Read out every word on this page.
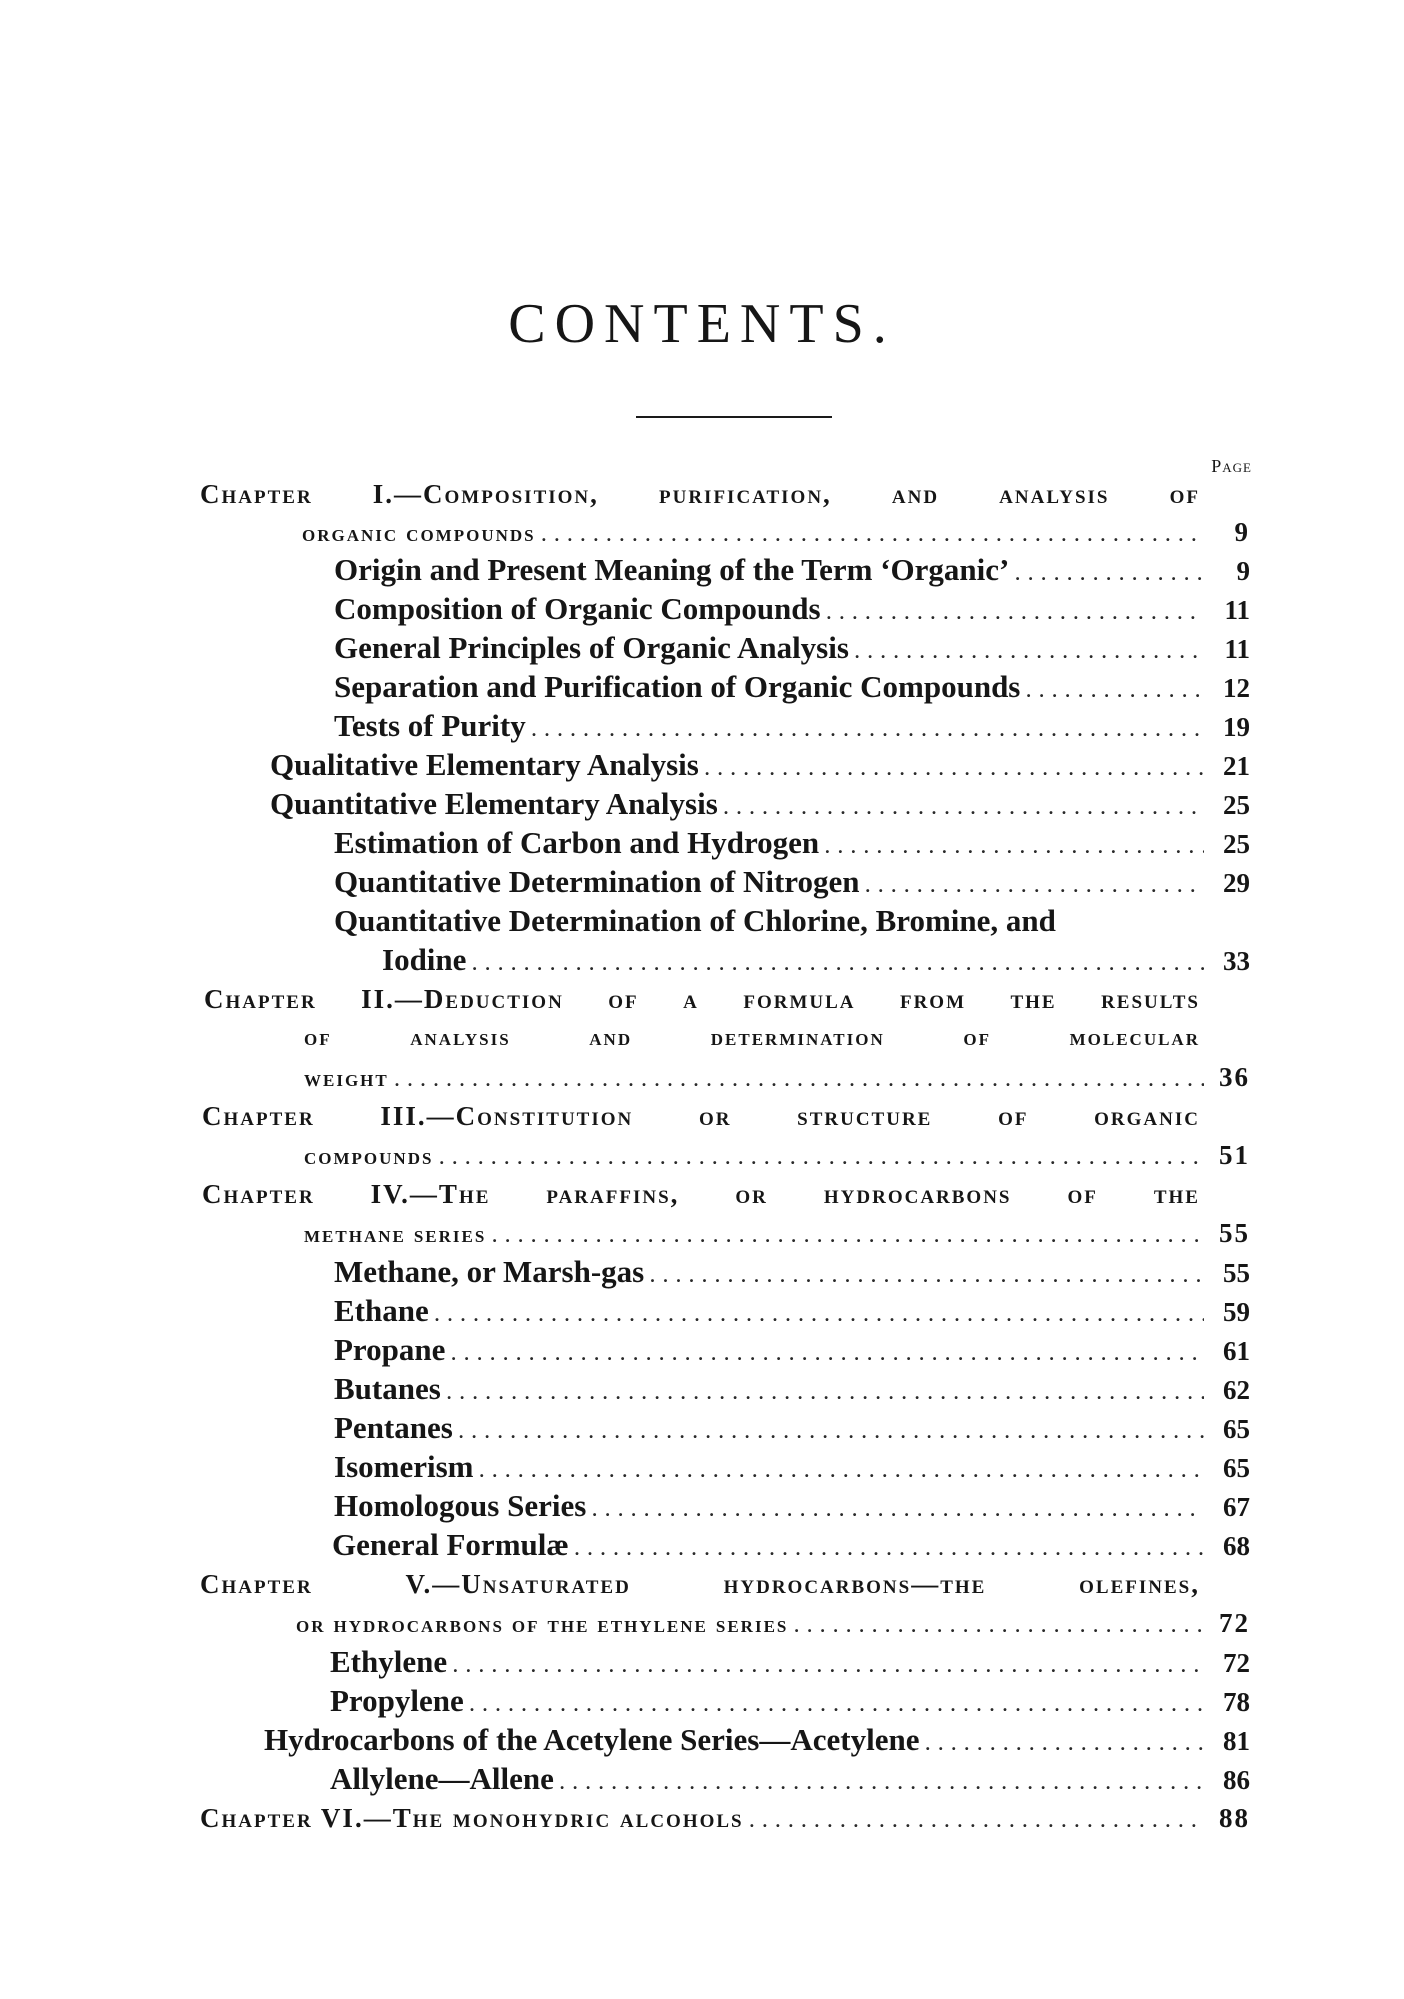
CONTENTS.
Page
Chapter I.—Composition, purification, and analysis of
organic compounds . . .	9
Origin and Present Meaning of the Term ‘Organic’ . . .	9
Composition of Organic Compounds . . .	11
General Principles of Organic Analysis . . .	11
Separation and Purification of Organic Compounds . . .	12
Tests of Purity . . .	19
Qualitative Elementary Analysis . . .	21
Quantitative Elementary Analysis . . .	25
Estimation of Carbon and Hydrogen . . .	25
Quantitative Determination of Nitrogen . . .	29
Quantitative Determination of Chlorine, Bromine, and
Iodine . . .	33
Chapter II.—Deduction of a formula from the results
of	analysis	and	determination	of	molecular
weight . . .	36
Chapter III.—Constitution or structure of organic
compounds . . .	51
Chapter IV.—The paraffins, or hydrocarbons of the
methane series . . .	55
Methane, or Marsh-gas . . .	55
Ethane . . .	59
Propane . . .	61
Butanes . . .	62
Pentanes . . .	65
Isomerism . . .	65
Homologous Series . . .	67
General Formulæ . . .	68
Chapter	V.—Unsaturated	hydrocarbons—the	olefines,
or hydrocarbons of the ethylene series . . .	72
Ethylene . . .	72
Propylene . . .	78
Hydrocarbons of the Acetylene Series—Acetylene . . .	81
Allylene—Allene . . .	86
Chapter VI.—The monohydric alcohols . . .	88
